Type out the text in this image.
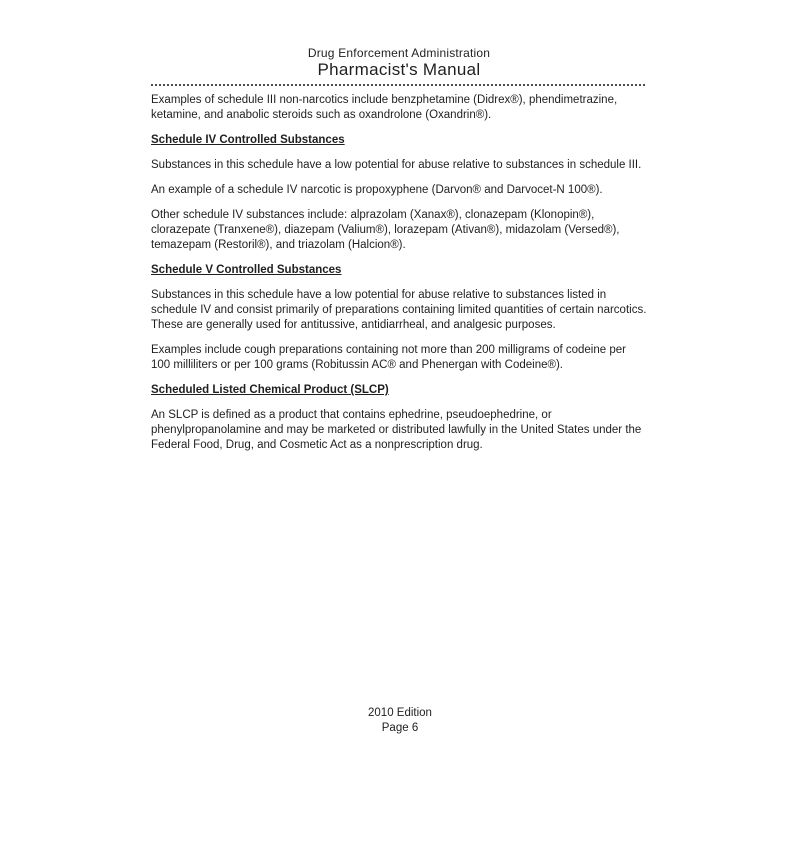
Drug Enforcement Administration
Pharmacist's Manual

Examples of schedule III non-narcotics include benzphetamine (Didrex®), phendimetrazine, ketamine, and anabolic steroids such as oxandrolone (Oxandrin®).

Schedule IV Controlled Substances

Substances in this schedule have a low potential for abuse relative to substances in schedule III.

An example of a schedule IV narcotic is propoxyphene (Darvon® and Darvocet-N 100®).

Other schedule IV substances include: alprazolam (Xanax®), clonazepam (Klonopin®), clorazepate (Tranxene®), diazepam (Valium®), lorazepam (Ativan®), midazolam (Versed®), temazepam (Restoril®), and triazolam (Halcion®).

Schedule V Controlled Substances

Substances in this schedule have a low potential for abuse relative to substances listed in schedule IV and consist primarily of preparations containing limited quantities of certain narcotics. These are generally used for antitussive, antidiarrheal, and analgesic purposes.

Examples include cough preparations containing not more than 200 milligrams of codeine per 100 milliliters or per 100 grams (Robitussin AC® and Phenergan with Codeine®).

Scheduled Listed Chemical Product (SLCP)

An SLCP is defined as a product that contains ephedrine, pseudoephedrine, or phenylpropanolamine and may be marketed or distributed lawfully in the United States under the Federal Food, Drug, and Cosmetic Act as a nonprescription drug.

2010 Edition
Page 6
